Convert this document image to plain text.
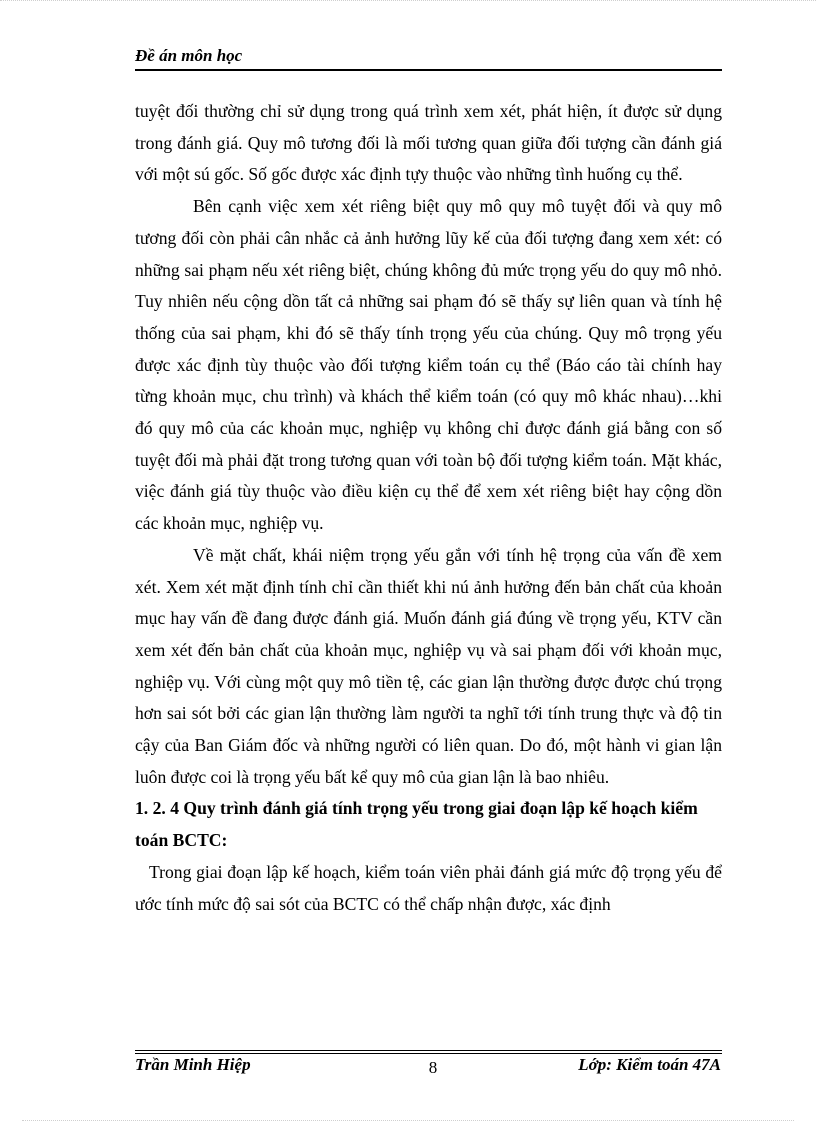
Đề án môn học

tuyệt đối thường chỉ sử dụng trong quá trình xem xét, phát hiện, ít được sử dụng trong đánh giá. Quy mô tương đối là mối tương quan giữa đối tượng cần đánh giá với một sú gốc. Số gốc được xác định tựy thuộc vào những tình huống cụ thể.

Bên cạnh việc xem xét riêng biệt quy mô quy mô tuyệt đối và quy mô tương đối còn phải cân nhắc cả ảnh hưởng lũy kế của đối tượng đang xem xét: có những sai phạm nếu xét riêng biệt, chúng không đủ mức trọng yếu do quy mô nhỏ. Tuy nhiên nếu cộng dồn tất cả những sai phạm đó sẽ thấy sự liên quan và tính hệ thống của sai phạm, khi đó sẽ thấy tính trọng yếu của chúng. Quy mô trọng yếu được xác định tùy thuộc vào đối tượng kiểm toán cụ thể (Báo cáo tài chính hay từng khoản mục, chu trình) và khách thể kiểm toán (có quy mô khác nhau)…khi đó quy mô của các khoản mục, nghiệp vụ không chỉ được đánh giá bằng con số tuyệt đối mà phải đặt trong tương quan với toàn bộ đối tượng kiểm toán. Mặt khác, việc đánh giá tùy thuộc vào điều kiện cụ thể để xem xét riêng biệt hay cộng dồn các khoản mục, nghiệp vụ.

Về mặt chất, khái niệm trọng yếu gắn với tính hệ trọng của vấn đề xem xét. Xem xét mặt định tính chỉ cần thiết khi nú ảnh hưởng đến bản chất của khoản mục hay vấn đề đang được đánh giá. Muốn đánh giá đúng về trọng yếu, KTV cần xem xét đến bản chất của khoản mục, nghiệp vụ và sai phạm đối với khoản mục, nghiệp vụ. Với cùng một quy mô tiền tệ, các gian lận thường được được chú trọng hơn sai sót bởi các gian lận thường làm người ta nghĩ tới tính trung thực và độ tin cậy của Ban Giám đốc và những người có liên quan. Do đó, một hành vi gian lận luôn được coi là trọng yếu bất kể quy mô của gian lận là bao nhiêu.

1. 2. 4 Quy trình đánh giá tính trọng yếu trong giai đoạn lập kế hoạch kiểm toán BCTC:

Trong giai đoạn lập kế hoạch, kiểm toán viên phải đánh giá mức độ trọng yếu để ước tính mức độ sai sót của BCTC có thể chấp nhận được, xác định

Trần Minh Hiệp	8	Lớp: Kiểm toán 47A
